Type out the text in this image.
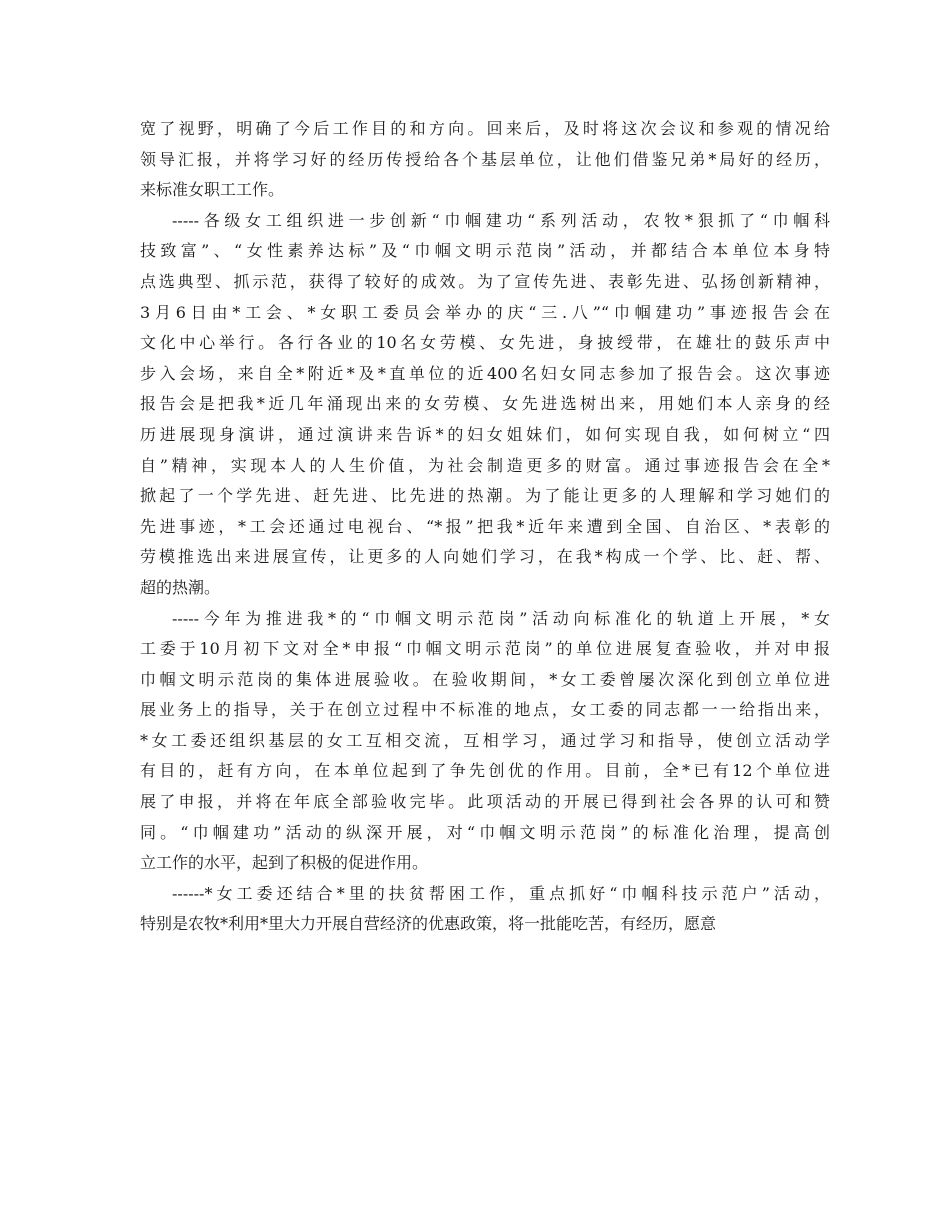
宽了视野，明确了今后工作目的和方向。回来后，及时将这次会议和参观的情况给
领导汇报，并将学习好的经历传授给各个基层单位，让他们借鉴兄弟*局好的经历，
来标准女职工工作。
-----各级女工组织进一步创新“巾帼建功“系列活动，农牧*狠抓了“巾帼科
技致富”、“女性素养达标”及“巾帼文明示范岗”活动，并都结合本单位本身特
点选典型、抓示范，获得了较好的成效。为了宣传先进、表彰先进、弘扬创新精神，
3月6日由*工会、*女职工委员会举办的庆“三.八”“巾帼建功”事迹报告会在
文化中心举行。各行各业的10名女劳模、女先进，身披绶带，在雄壮的鼓乐声中
步入会场，来自全*附近*及*直单位的近400名妇女同志参加了报告会。这次事迹
报告会是把我*近几年涌现出来的女劳模、女先进选树出来，用她们本人亲身的经
历进展现身演讲，通过演讲来告诉*的妇女姐妹们，如何实现自我，如何树立“四
自”精神，实现本人的人生价值，为社会制造更多的财富。通过事迹报告会在全*
掀起了一个学先进、赶先进、比先进的热潮。为了能让更多的人理解和学习她们的
先进事迹，*工会还通过电视台、“*报”把我*近年来遭到全国、自治区、*表彰的
劳模推选出来进展宣传，让更多的人向她们学习，在我*构成一个学、比、赶、帮、
超的热潮。
-----今年为推进我*的“巾帼文明示范岗”活动向标准化的轨道上开展，*女
工委于10月初下文对全*申报“巾帼文明示范岗”的单位进展复查验收，并对申报
巾帼文明示范岗的集体进展验收。在验收期间，*女工委曾屡次深化到创立单位进
展业务上的指导，关于在创立过程中不标准的地点，女工委的同志都一一给指出来，
*女工委还组织基层的女工互相交流，互相学习，通过学习和指导，使创立活动学
有目的，赶有方向，在本单位起到了争先创优的作用。目前，全*已有12个单位进
展了申报，并将在年底全部验收完毕。此项活动的开展已得到社会各界的认可和赞
同。“巾帼建功”活动的纵深开展，对“巾帼文明示范岗”的标准化治理，提高创
立工作的水平，起到了积极的促进作用。
------*女工委还结合*里的扶贫帮困工作，重点抓好“巾帼科技示范户”活动，
特别是农牧*利用*里大力开展自营经济的优惠政策，将一批能吃苦，有经历，愿意
